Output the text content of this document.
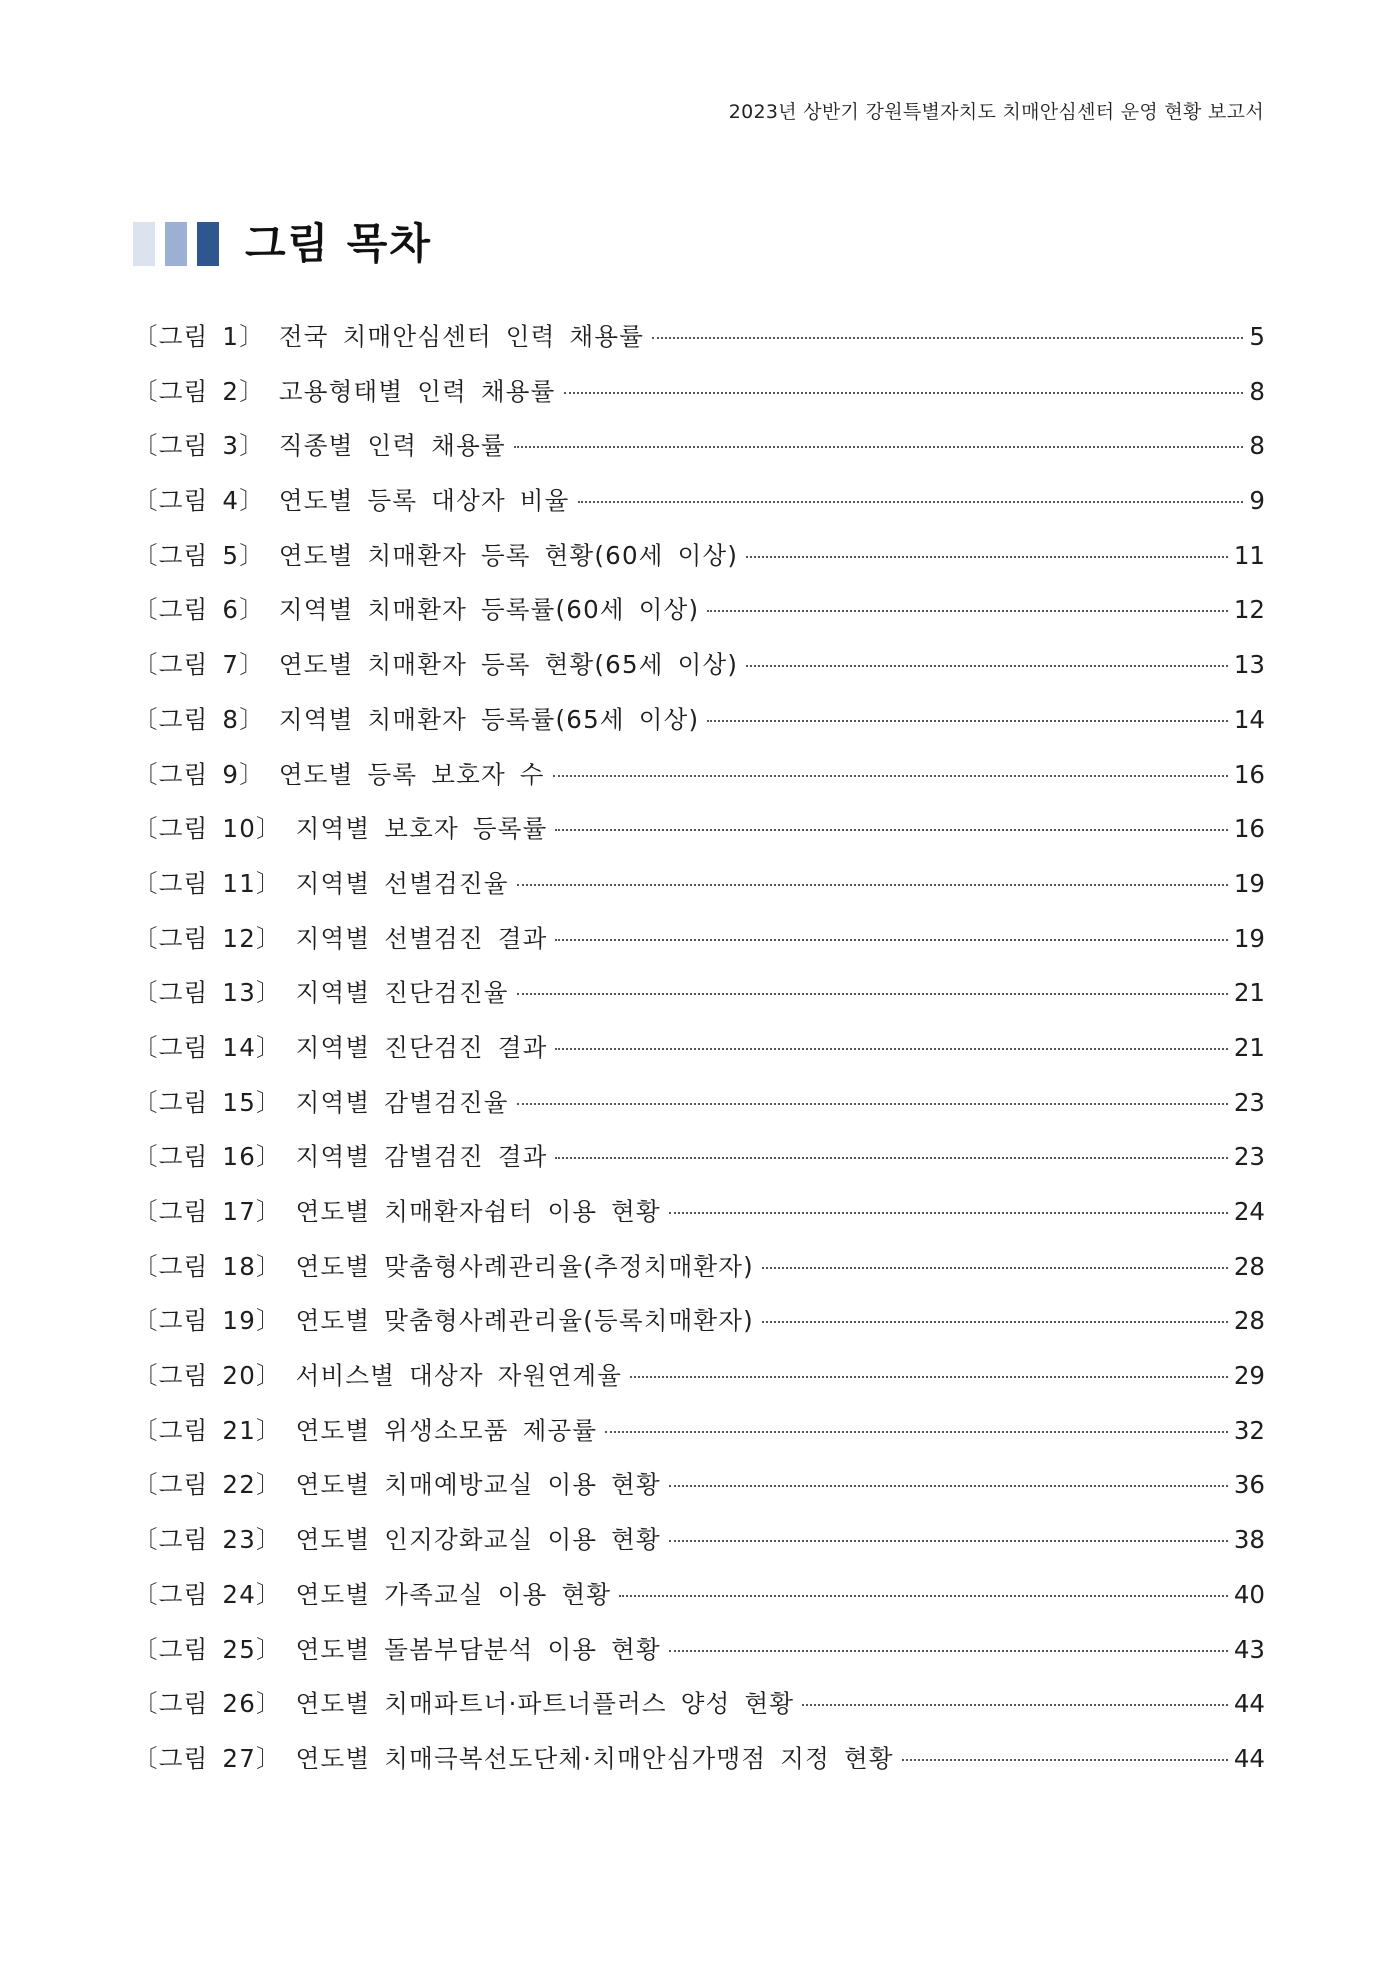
2023년 상반기 강원특별자치도 치매안심센터 운영 현황 보고서
그림 목차
〔그림 1〕 전국 치매안심센터 인력 채용률	5
〔그림 2〕 고용형태별 인력 채용률	8
〔그림 3〕 직종별 인력 채용률	8
〔그림 4〕 연도별 등록 대상자 비율	9
〔그림 5〕 연도별 치매환자 등록 현황(60세 이상)	11
〔그림 6〕 지역별 치매환자 등록률(60세 이상)	12
〔그림 7〕 연도별 치매환자 등록 현황(65세 이상)	13
〔그림 8〕 지역별 치매환자 등록률(65세 이상)	14
〔그림 9〕 연도별 등록 보호자 수	16
〔그림 10〕 지역별 보호자 등록률	16
〔그림 11〕 지역별 선별검진율	19
〔그림 12〕 지역별 선별검진 결과	19
〔그림 13〕 지역별 진단검진율	21
〔그림 14〕 지역별 진단검진 결과	21
〔그림 15〕 지역별 감별검진율	23
〔그림 16〕 지역별 감별검진 결과	23
〔그림 17〕 연도별 치매환자쉼터 이용 현황	24
〔그림 18〕 연도별 맞춤형사례관리율(추정치매환자)	28
〔그림 19〕 연도별 맞춤형사례관리율(등록치매환자)	28
〔그림 20〕 서비스별 대상자 자원연계율	29
〔그림 21〕 연도별 위생소모품 제공률	32
〔그림 22〕 연도별 치매예방교실 이용 현황	36
〔그림 23〕 연도별 인지강화교실 이용 현황	38
〔그림 24〕 연도별 가족교실 이용 현황	40
〔그림 25〕 연도별 돌봄부담분석 이용 현황	43
〔그림 26〕 연도별 치매파트너·파트너플러스 양성 현황	44
〔그림 27〕 연도별 치매극복선도단체·치매안심가맹점 지정 현황	44
